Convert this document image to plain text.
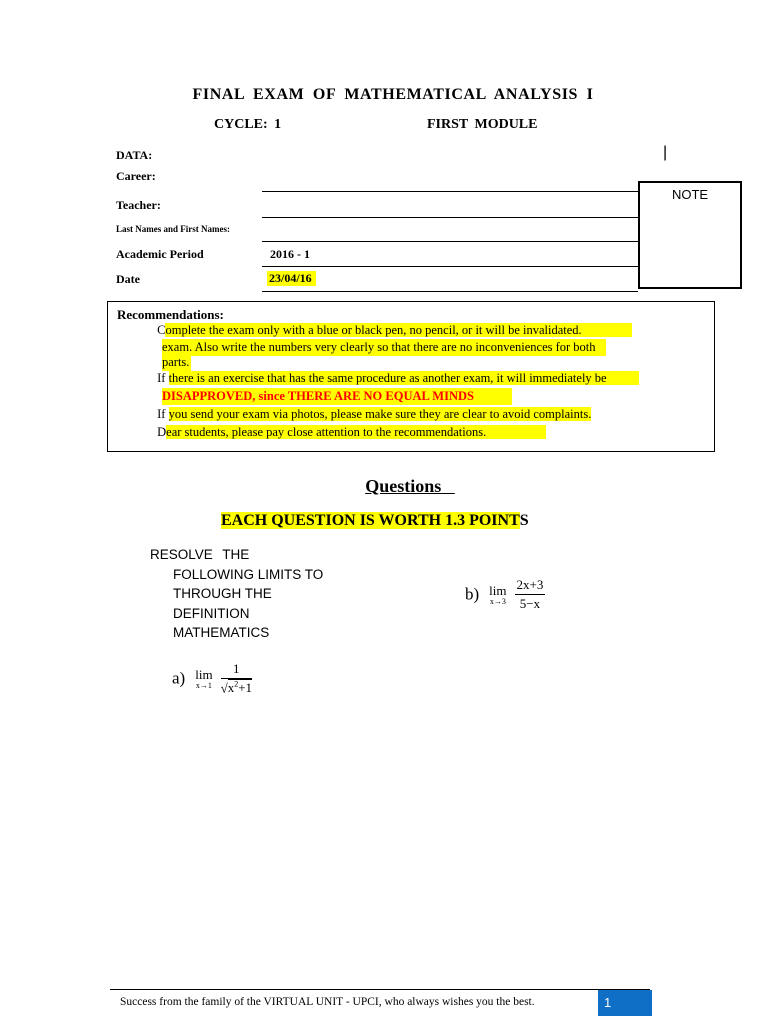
FINAL EXAM OF MATHEMATICAL ANALYSIS I
CYCLE: 1	FIRST MODULE
|
DATA:
Career:
Teacher:
Last Names and First Names:
Academic Period	2016 - 1
Date	23/04/16
NOTE
Recommendations:
Complete the exam only with a blue or black pen, no pencil, or it will be invalidated.
exam. Also write the numbers very clearly so that there are no inconveniences for both
parts.
If there is an exercise that has the same procedure as another exam, it will immediately be
DISAPPROVED, since THERE ARE NO EQUAL MINDS
If you send your exam via photos, please make sure they are clear to avoid complaints.
Dear students, please pay close attention to the recommendations.
Questions
EACH QUESTION IS WORTH 1.3 POINTS
RESOLVE THE
FOLLOWING LIMITS TO
THROUGH THE
DEFINITION
MATHEMATICS
b) lim
x→3
$\frac{2x+3}{5-x}$
a) lim
x→1
$\frac{1}{√x^2+1}$
Success from the family of the VIRTUAL UNIT - UPCI, who always wishes you the best.	1
